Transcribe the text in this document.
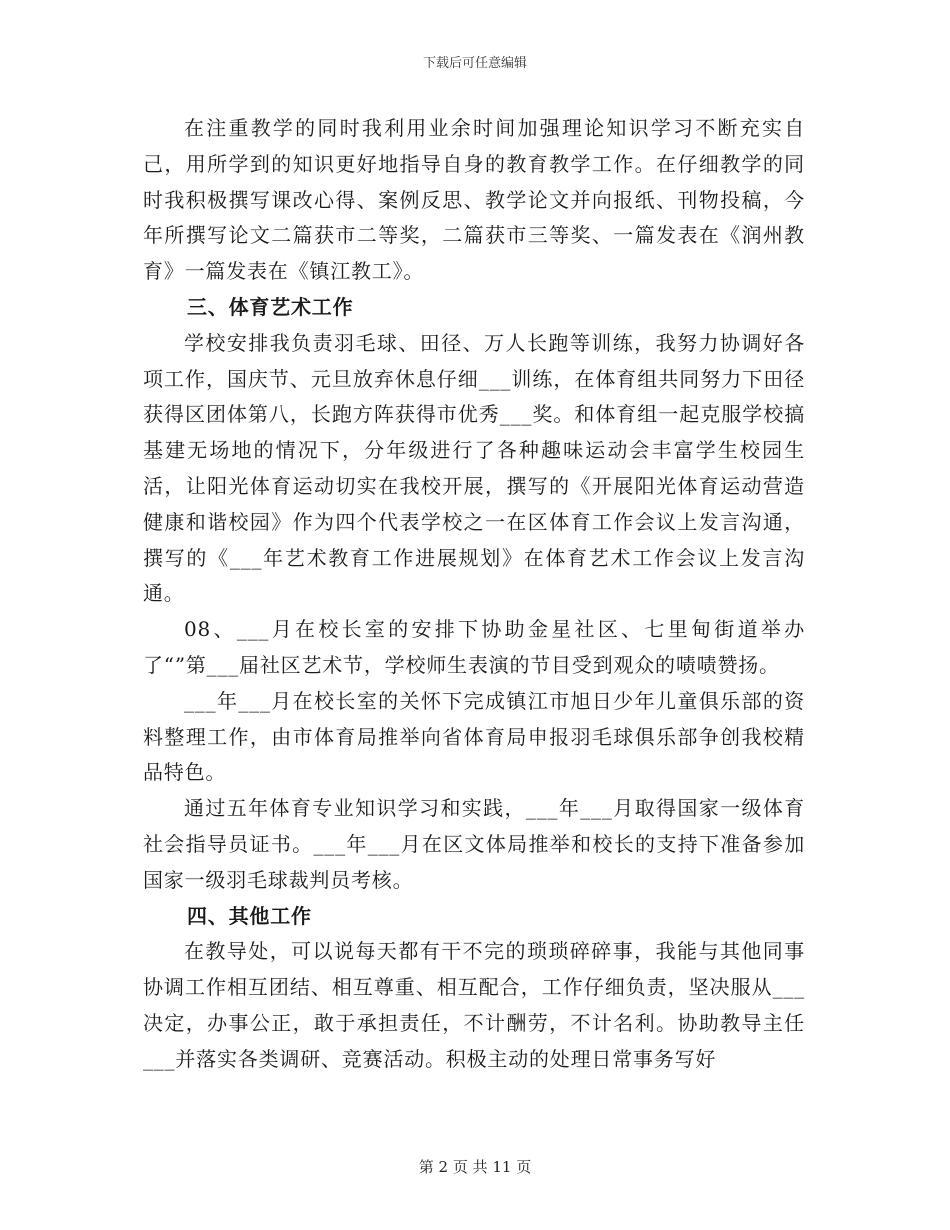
下载后可任意编辑

在注重教学的同时我利用业余时间加强理论知识学习不断充实自己，用所学到的知识更好地指导自身的教育教学工作。在仔细教学的同时我积极撰写课改心得、案例反思、教学论文并向报纸、刊物投稿，今年所撰写论文二篇获市二等奖，二篇获市三等奖、一篇发表在《润州教育》一篇发表在《镇江教工》。

三、体育艺术工作

学校安排我负责羽毛球、田径、万人长跑等训练，我努力协调好各项工作，国庆节、元旦放弃休息仔细___训练，在体育组共同努力下田径获得区团体第八，长跑方阵获得市优秀___奖。和体育组一起克服学校搞基建无场地的情况下，分年级进行了各种趣味运动会丰富学生校园生活，让阳光体育运动切实在我校开展，撰写的《开展阳光体育运动营造健康和谐校园》作为四个代表学校之一在区体育工作会议上发言沟通，撰写的《___年艺术教育工作进展规划》在体育艺术工作会议上发言沟通。

08、___月在校长室的安排下协助金星社区、七里甸街道举办了“”第___届社区艺术节，学校师生表演的节目受到观众的啧啧赞扬。

___年___月在校长室的关怀下完成镇江市旭日少年儿童俱乐部的资料整理工作，由市体育局推举向省体育局申报羽毛球俱乐部争创我校精品特色。

通过五年体育专业知识学习和实践，___年___月取得国家一级体育社会指导员证书。___年___月在区文体局推举和校长的支持下准备参加国家一级羽毛球裁判员考核。

四、其他工作

在教导处，可以说每天都有干不完的琐琐碎碎事，我能与其他同事协调工作相互团结、相互尊重、相互配合，工作仔细负责，坚决服从___决定，办事公正，敢于承担责任，不计酬劳，不计名利。协助教导主任___并落实各类调研、竞赛活动。积极主动的处理日常事务写好

第 2 页 共 11 页
